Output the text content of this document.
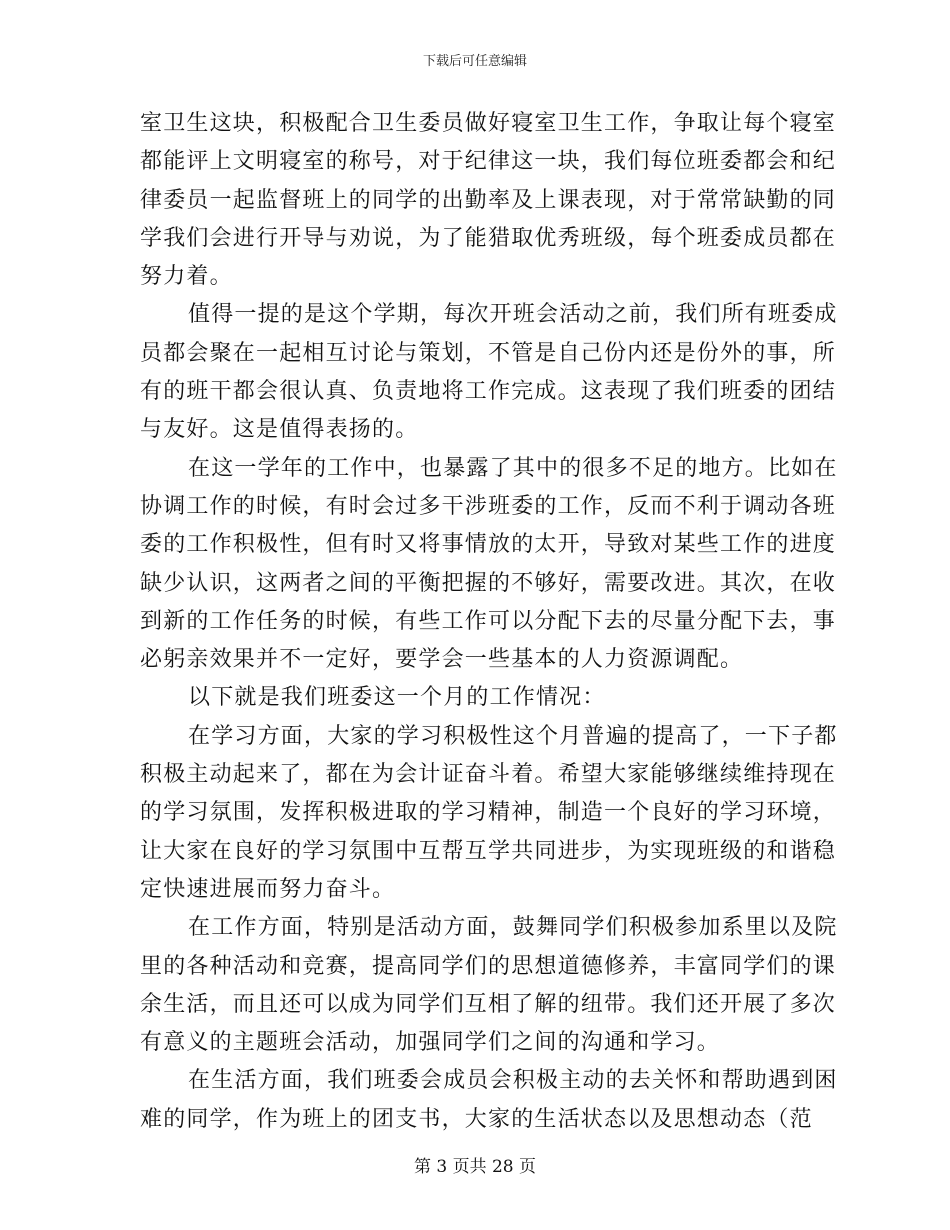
下载后可任意编辑
室卫生这块，积极配合卫生委员做好寝室卫生工作，争取让每个寝室
都能评上文明寝室的称号，对于纪律这一块，我们每位班委都会和纪
律委员一起监督班上的同学的出勤率及上课表现，对于常常缺勤的同
学我们会进行开导与劝说，为了能猎取优秀班级，每个班委成员都在
努力着。
值得一提的是这个学期，每次开班会活动之前，我们所有班委成
员都会聚在一起相互讨论与策划，不管是自己份内还是份外的事，所
有的班干都会很认真、负责地将工作完成。这表现了我们班委的团结
与友好。这是值得表扬的。
在这一学年的工作中，也暴露了其中的很多不足的地方。比如在
协调工作的时候，有时会过多干涉班委的工作，反而不利于调动各班
委的工作积极性，但有时又将事情放的太开，导致对某些工作的进度
缺少认识，这两者之间的平衡把握的不够好，需要改进。其次，在收
到新的工作任务的时候，有些工作可以分配下去的尽量分配下去，事
必躬亲效果并不一定好，要学会一些基本的人力资源调配。
以下就是我们班委这一个月的工作情况：
在学习方面，大家的学习积极性这个月普遍的提高了，一下子都
积极主动起来了，都在为会计证奋斗着。希望大家能够继续维持现在
的学习氛围，发挥积极进取的学习精神，制造一个良好的学习环境，
让大家在良好的学习氛围中互帮互学共同进步，为实现班级的和谐稳
定快速进展而努力奋斗。
在工作方面，特别是活动方面，鼓舞同学们积极参加系里以及院
里的各种活动和竞赛，提高同学们的思想道德修养，丰富同学们的课
余生活，而且还可以成为同学们互相了解的纽带。我们还开展了多次
有意义的主题班会活动，加强同学们之间的沟通和学习。
在生活方面，我们班委会成员会积极主动的去关怀和帮助遇到困
难的同学，作为班上的团支书，大家的生活状态以及思想动态（范
第 3 页共 28 页
